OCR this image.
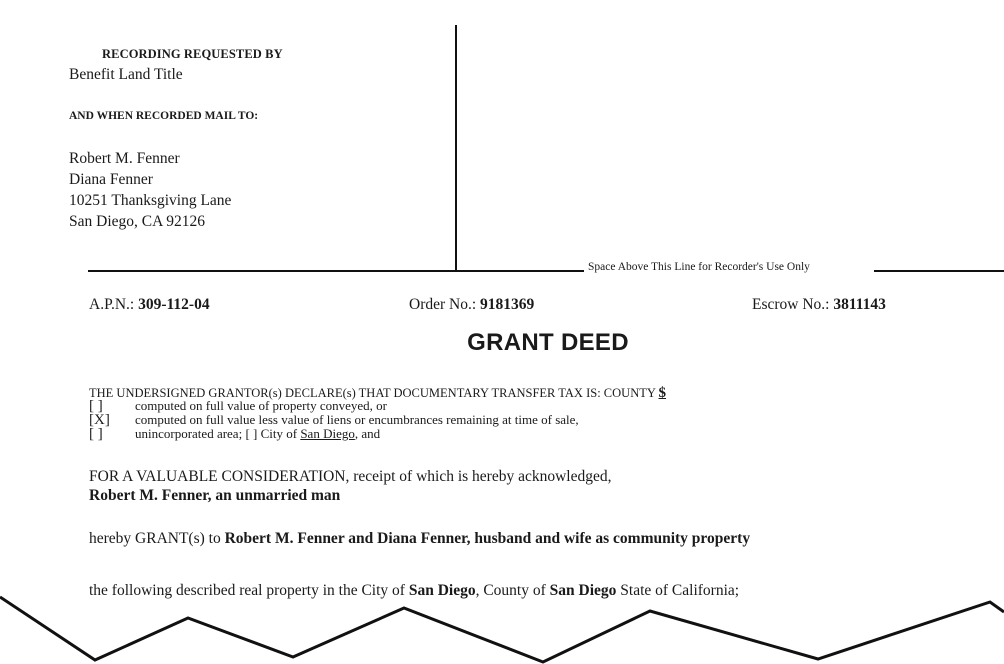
RECORDING REQUESTED BY
Benefit Land Title
AND WHEN RECORDED MAIL TO:
Robert M. Fenner
Diana Fenner
10251 Thanksgiving Lane
San Diego, CA 92126
Space Above This Line for Recorder's Use Only
A.P.N.: 309-112-04	Order No.: 9181369	Escrow No.: 3811143
GRANT DEED
THE UNDERSIGNED GRANTOR(s) DECLARE(s) THAT DOCUMENTARY TRANSFER TAX IS: COUNTY $
[ ] computed on full value of property conveyed, or
[X] computed on full value less value of liens or encumbrances remaining at time of sale,
[ ] unincorporated area; [ ] City of San Diego, and
FOR A VALUABLE CONSIDERATION, receipt of which is hereby acknowledged,
Robert M. Fenner, an unmarried man
hereby GRANT(s) to Robert M. Fenner and Diana Fenner, husband and wife as community property
the following described real property in the City of San Diego, County of San Diego State of California;
